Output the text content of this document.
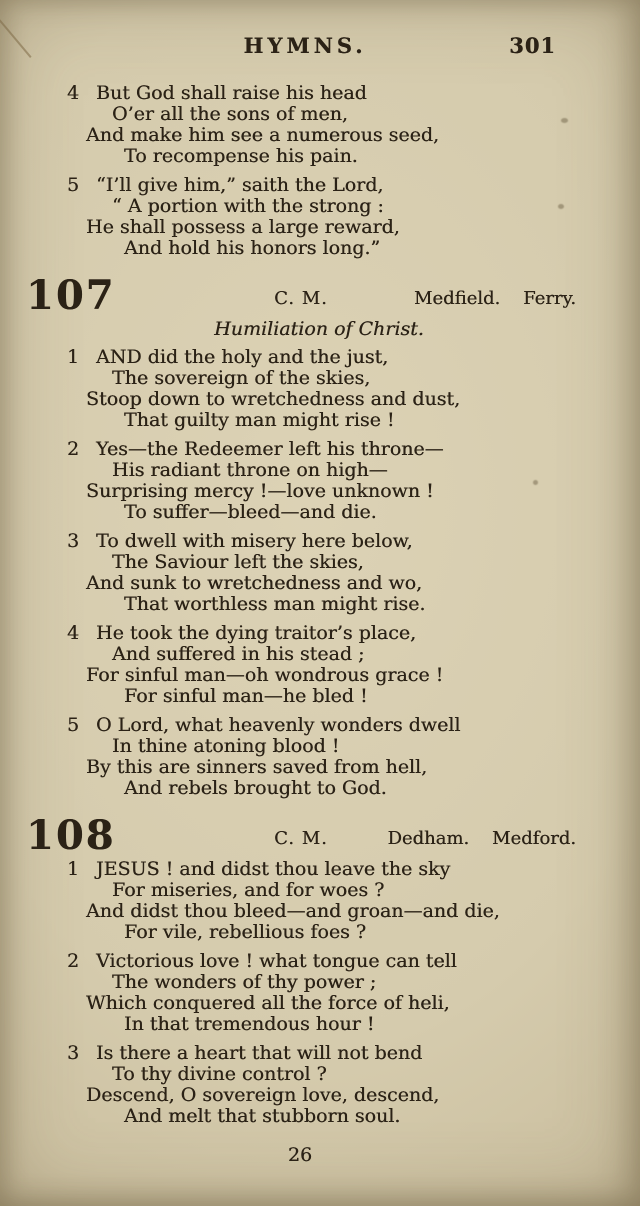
HYMNS.	301
4 But God shall raise his head
O’er all the sons of men,
And make him see a numerous seed,
To recompense his pain.
5 “I’ll give him,” saith the Lord,
“ A portion with the strong :
He shall possess a large reward,
And hold his honors long.”
107	C. M.	Medfield.    Ferry.
Humiliation of Christ.
1 AND did the holy and the just,
The sovereign of the skies,
Stoop down to wretchedness and dust,
That guilty man might rise !
2 Yes—the Redeemer left his throne—
His radiant throne on high—
Surprising mercy !—love unknown !
To suffer—bleed—and die.
3 To dwell with misery here below,
The Saviour left the skies,
And sunk to wretchedness and wo,
That worthless man might rise.
4 He took the dying traitor’s place,
And suffered in his stead ;
For sinful man—oh wondrous grace !
For sinful man—he bled !
5 O Lord, what heavenly wonders dwell
In thine atoning blood !
By this are sinners saved from hell,
And rebels brought to God.
108	C. M.	Dedham.    Medford.
1 JESUS ! and didst thou leave the sky
For miseries, and for woes ?
And didst thou bleed—and groan—and die,
For vile, rebellious foes ?
2 Victorious love ! what tongue can tell
The wonders of thy power ;
Which conquered all the force of heli,
In that tremendous hour !
3 Is there a heart that will not bend
To thy divine control ?
Descend, O sovereign love, descend,
And melt that stubborn soul.
26
